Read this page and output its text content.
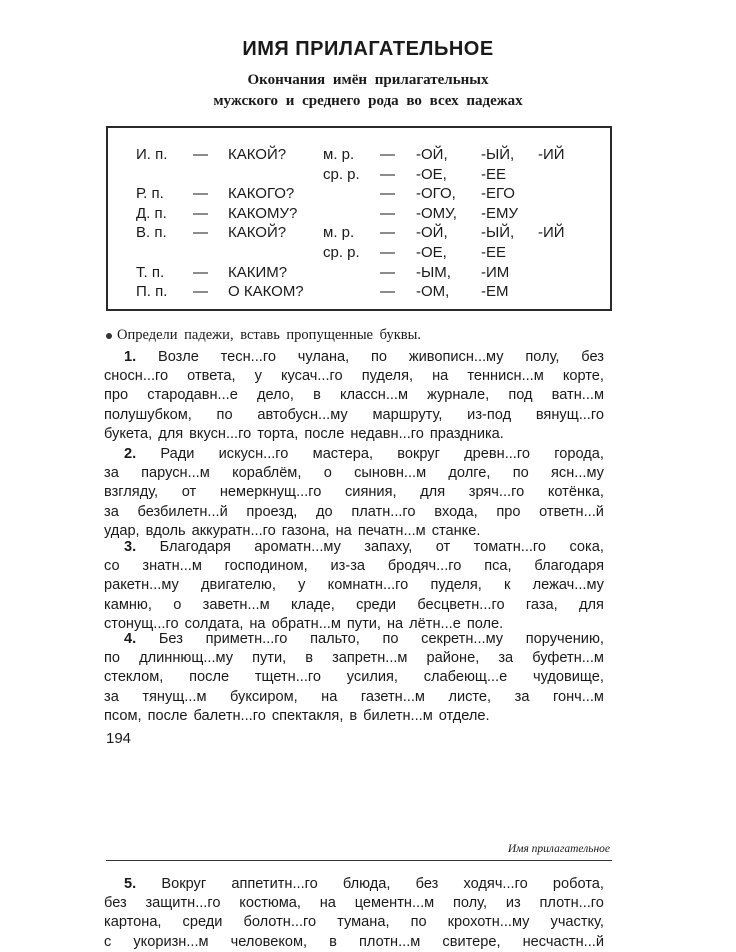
ИМЯ ПРИЛАГАТЕЛЬНОЕ
Окончания имён прилагательных
мужского и среднего рода во всех падежах
И. п. — КАКОЙ? м. р. — -ОЙ, -ЫЙ, -ИЙ
ср. р. — -ОЕ, -ЕЕ
Р. п. — КАКОГО?	— -ОГО, -ЕГО
Д. п. — КАКОМУ?	— -ОМУ, -ЕМУ
В. п. — КАКОЙ? м. р. — -ОЙ, -ЫЙ, -ИЙ
ср. р. — -ОЕ, -ЕЕ
Т. п. — КАКИМ?	— -ЫМ, -ИМ
П. п. — О КАКОМ?	— -ОМ, -ЕМ
Определи падежи, вставь пропущенные буквы.
1. Возле тесн...го чулана, по живописн...му полу, без
сносн...го ответа, у кусач...го пуделя, на теннисн...м корте,
про стародавн...е дело, в классн...м журнале, под ватн...м
полушубком, по автобусн...му маршруту, из-под вянущ...го
букета, для вкусн...го торта, после недавн...го праздника.
2. Ради искусн...го мастера, вокруг древн...го города,
за парусн...м кораблём, о сыновн...м долге, по ясн...му
взгляду, от немеркнущ...го сияния, для зряч...го котёнка,
за безбилетн...й проезд, до платн...го входа, про ответн...й
удар, вдоль аккуратн...го газона, на печатн...м станке.
3. Благодаря ароматн...му запаху, от томатн...го сока,
со знатн...м господином, из-за бродяч...го пса, благодаря
ракетн...му двигателю, у комнатн...го пуделя, к лежач...му
камню, о заветн...м кладе, среди бесцветн...го газа, для
стонущ...го солдата, на обратн...м пути, на лётн...е поле.
4. Без приметн...го пальто, по секретн...му поручению,
по длиннющ...му пути, в запретн...м районе, за буфетн...м
стеклом, после тщетн...го усилия, слабеющ...е чудовище,
за тянущ...м буксиром, на газетн...м листе, за гонч...м
псом, после балетн...го спектакля, в билетн...м отделе.
194
Имя прилагательное
5. Вокруг аппетитн...го блюда, без ходяч...го робота,
без защитн...го костюма, на цементн...м полу, из плотн...го
картона, среди болотн...го тумана, по крохотн...му участку,
с укоризн...м человеком, в плотн...м свитере, несчастн...й
